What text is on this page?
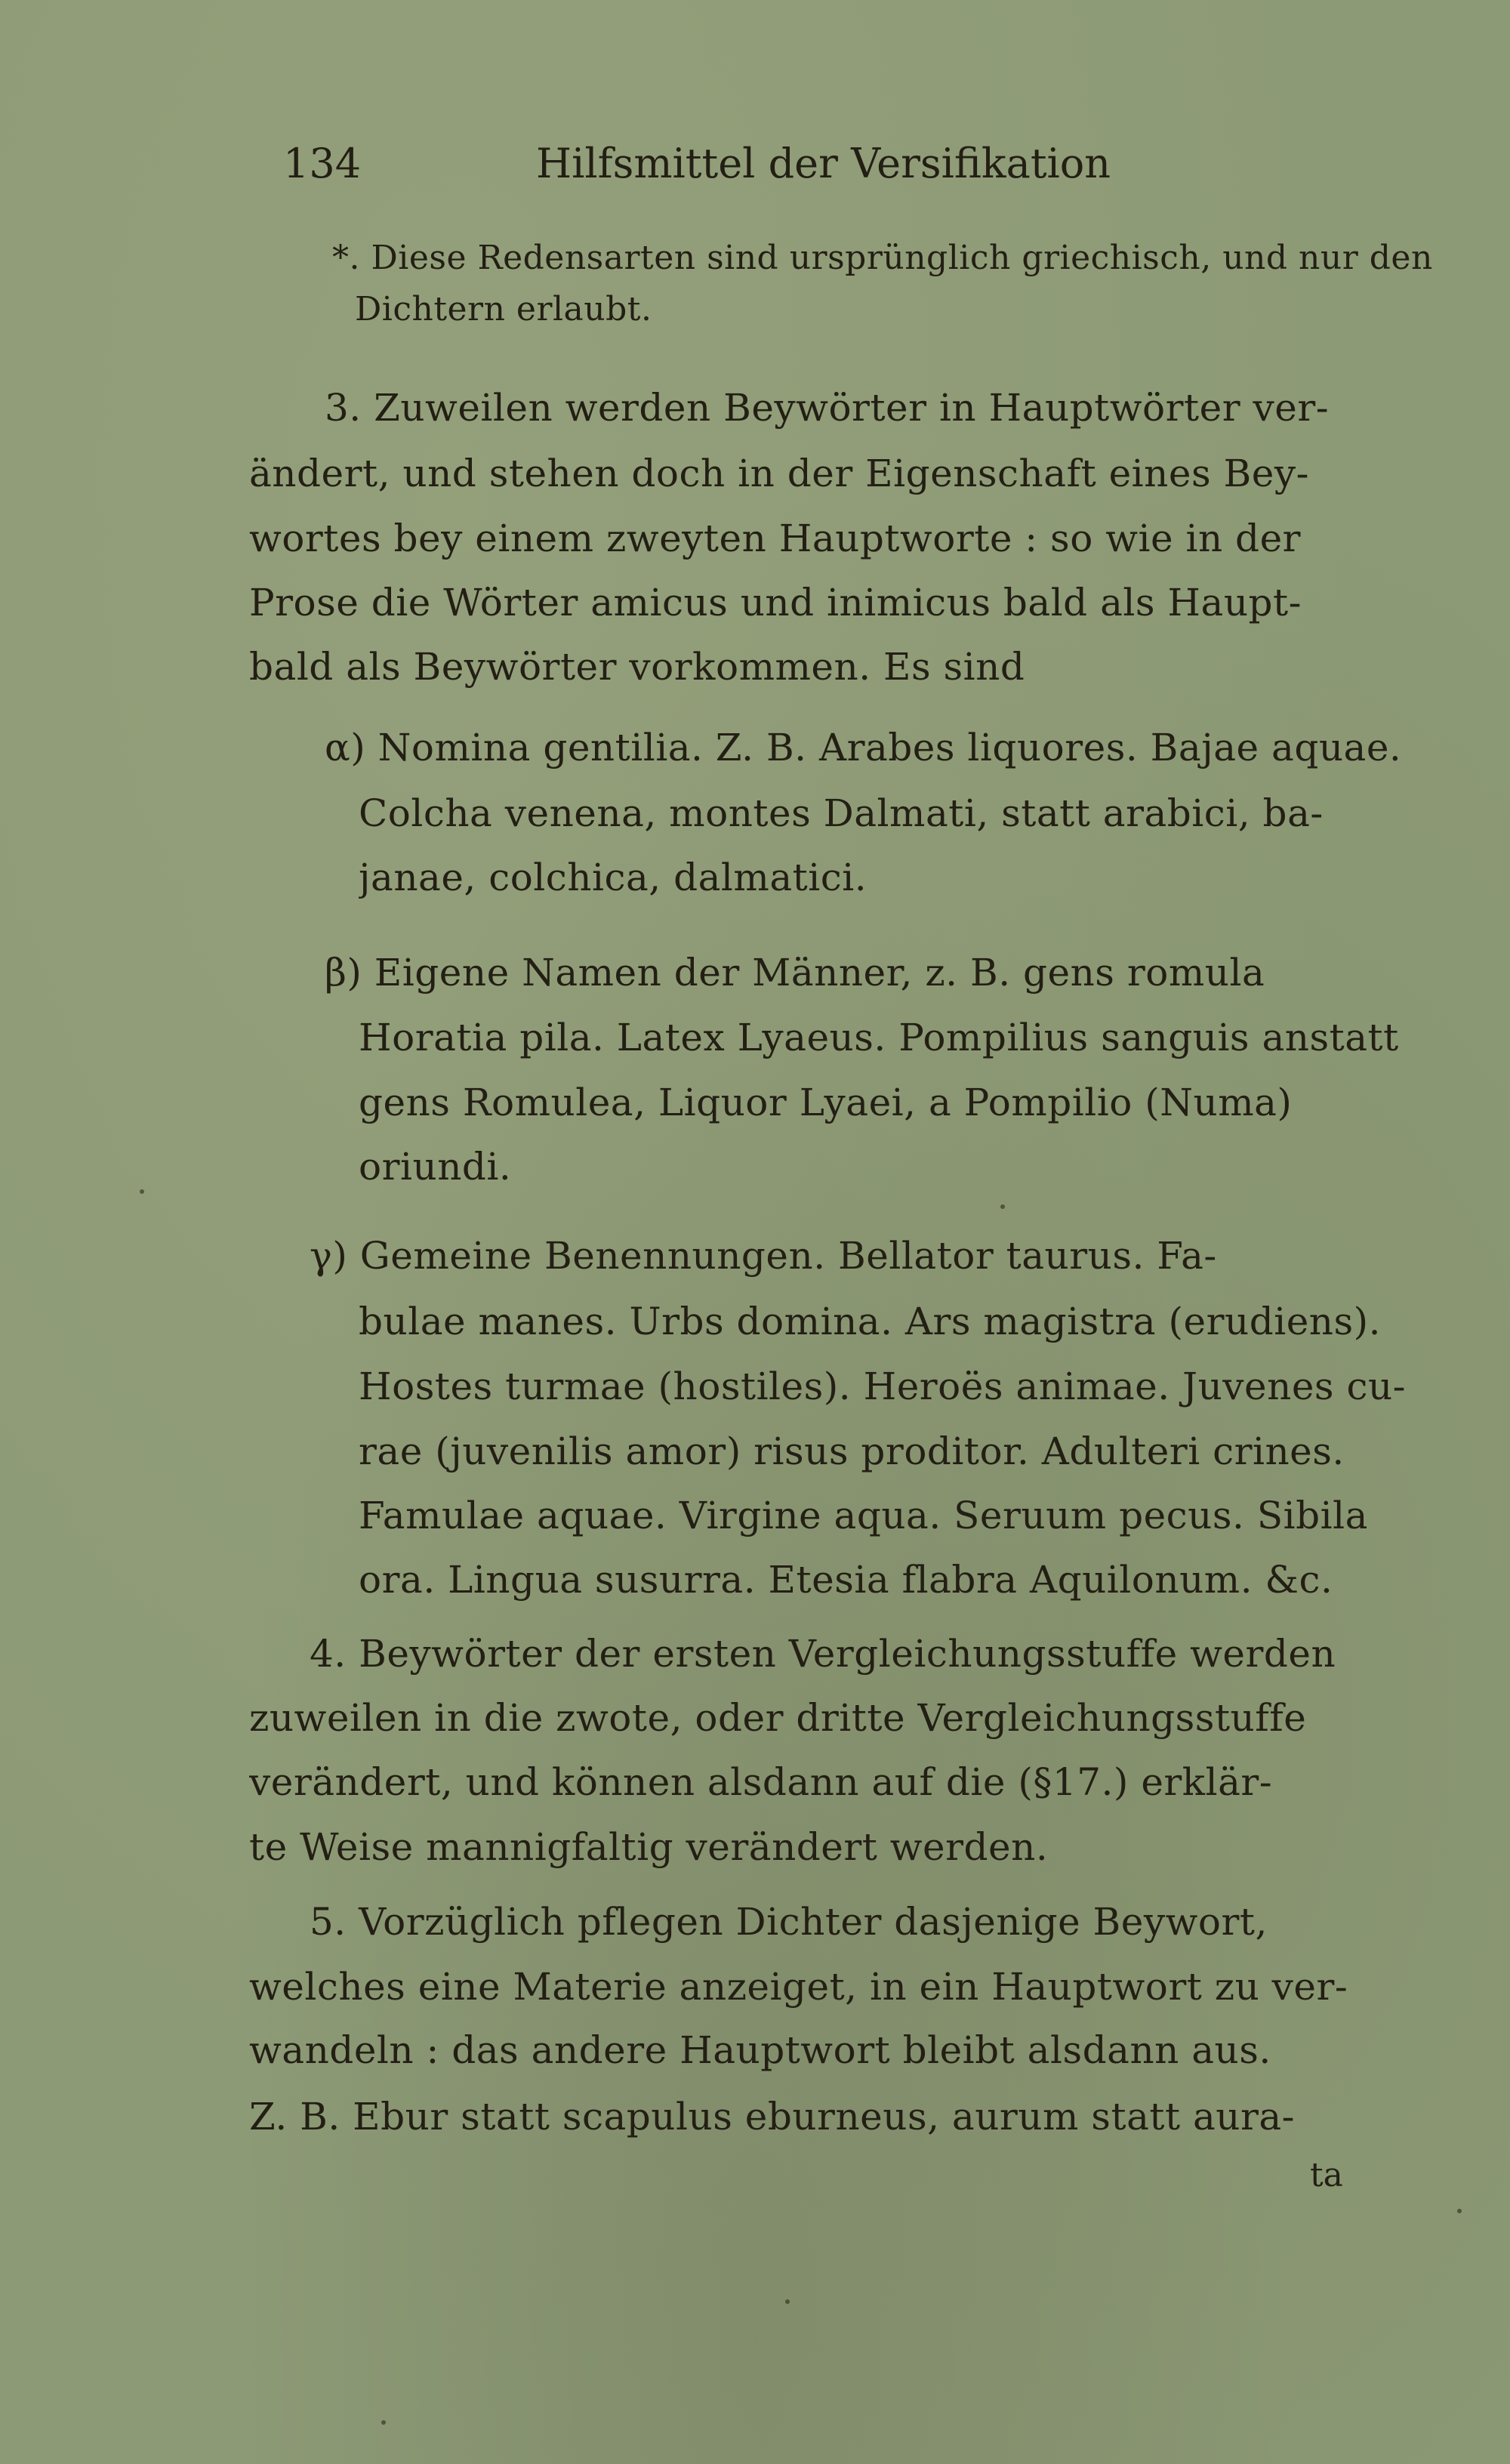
134	Hilfsmittel der Versifikation
*. Diese Redensarten sind ursprünglich griechisch, und nur den
Dichtern erlaubt.
3. Zuweilen werden Beywörter in Hauptwörter ver-
ändert, und stehen doch in der Eigenschaft eines Bey-
wortes bey einem zweyten Hauptworte : so wie in der
Prose die Wörter amicus und inimicus bald als Haupt-
bald als Beywörter vorkommen. Es sind
α) Nomina gentilia. Z. B. Arabes liquores. Bajae aquae.
Colcha venena, montes Dalmati, statt arabici, ba-
janae, colchica, dalmatici.
β) Eigene Namen der Männer, z. B. gens romula
Horatia pila. Latex Lyaeus. Pompilius sanguis anstatt
gens Romulea, Liquor Lyaei, a Pompilio (Numa)
oriundi.
γ) Gemeine Benennungen. Bellator taurus. Fa-
bulae manes. Urbs domina. Ars magistra (erudiens).
Hostes turmae (hostiles). Heroës animae. Juvenes cu-
rae (juvenilis amor) risus proditor. Adulteri crines.
Famulae aquae. Virgine aqua. Seruum pecus. Sibila
ora. Lingua susurra. Etesia flabra Aquilonum. &c.
4. Beywörter der ersten Vergleichungsstuffe werden
zuweilen in die zwote, oder dritte Vergleichungsstuffe
verändert, und können alsdann auf die (§17.) erklär-
te Weise mannigfaltig verändert werden.
5. Vorzüglich pflegen Dichter dasjenige Beywort,
welches eine Materie anzeiget, in ein Hauptwort zu ver-
wandeln : das andere Hauptwort bleibt alsdann aus.
Z. B. Ebur statt scapulus eburneus, aurum statt aura-
ta
